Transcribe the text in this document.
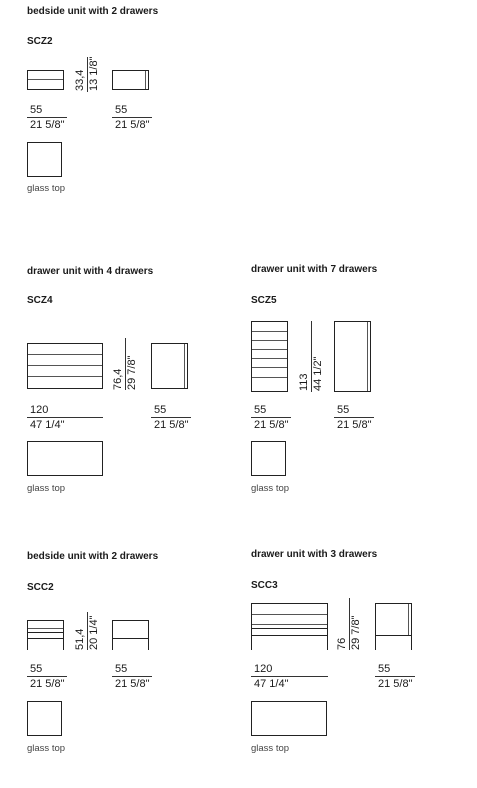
bedside unit with 2 drawers
SCZ2
33,4 13 1/8"
55
21 5/8"
55
21 5/8"
glass top
drawer unit with 4 drawers
SCZ4
76,4 29 7/8"
120
47 1/4"
55
21 5/8"
glass top
drawer unit with 7 drawers
SCZ5
113 44 1/2"
55
21 5/8"
55
21 5/8"
glass top
bedside unit with 2 drawers
SCC2
51,4 20 1/4"
55
21 5/8"
55
21 5/8"
glass top
drawer unit with 3 drawers
SCC3
76 29 7/8"
120
47 1/4"
55
21 5/8"
glass top
